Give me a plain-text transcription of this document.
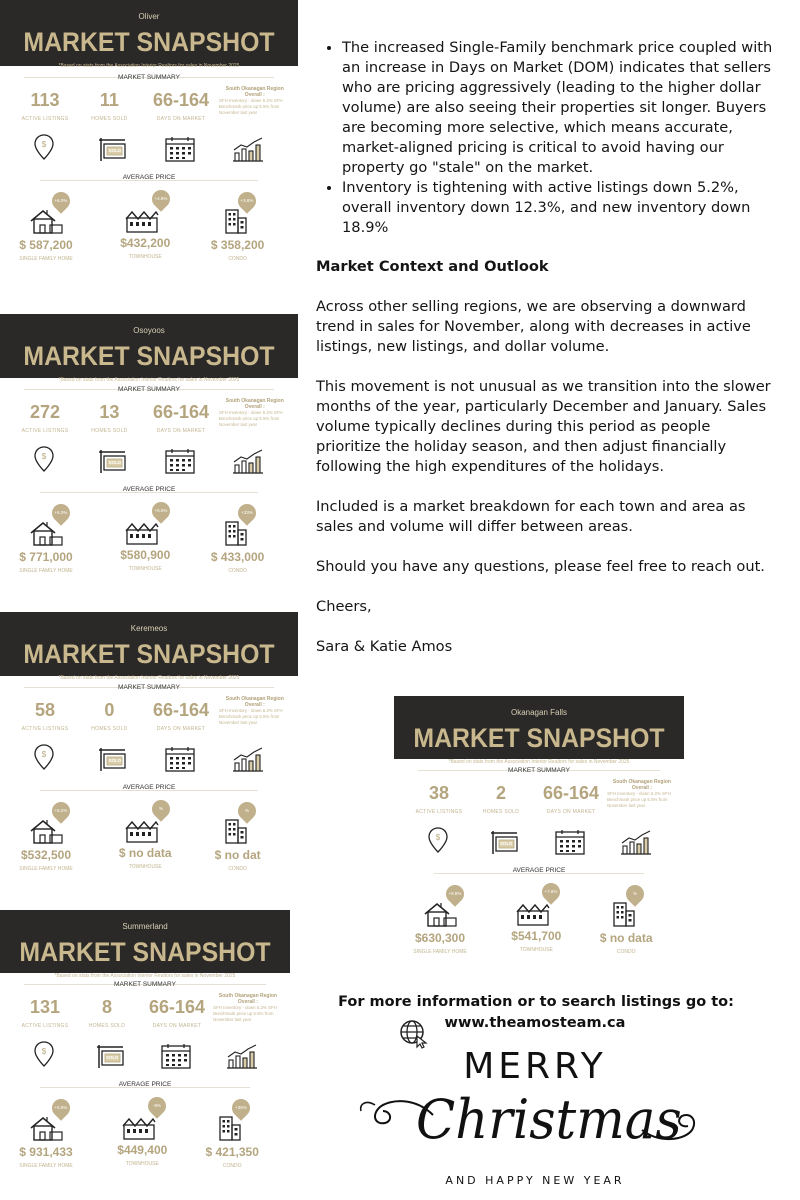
Oliver
MARKET SNAPSHOT
*Based on stats from the Association Interior Realtors for sales in November 2025
MARKET SUMMARY
113
ACTIVE LISTINGS
11
HOMES SOLD
66-164
DAYS ON MARKET
South Okanagan Region Overall :
SFH Inventory - down 6.2% SFH Benchmark price up 5.5% from November last year
SOLD
AVERAGE PRICE
+6.0%	+4.8%	+3.6%
$ 587,200
SINGLE FAMILY HOME
$432,200
TOWNHOUSE
$ 358,200
CONDO
Osoyoos
MARKET SNAPSHOT
*Based on stats from the Association Interior Realtors for sales in November 2025
MARKET SUMMARY
272
ACTIVE LISTINGS
13
HOMES SOLD
66-164
DAYS ON MARKET
South Okanagan Region Overall :
SFH Inventory - down 6.2% SFH Benchmark price up 5.5% from November last year
SOLD
AVERAGE PRICE
+5.3%	+5.5%	+33%
$ 771,000
SINGLE FAMILY HOME
$580,900
TOWNHOUSE
$ 433,000
CONDO
Keremeos
MARKET SNAPSHOT
*Based on stats from the Association Interior Realtors for sales in November 2025
MARKET SUMMARY
58
ACTIVE LISTINGS
0
HOMES SOLD
66-164
DAYS ON MARKET
South Okanagan Region Overall :
SFH Inventory - down 6.2% SFH Benchmark price up 5.5% from November last year
SOLD
AVERAGE PRICE
+6.2%	%	%
$532,500
SINGLE FAMILY HOME
$ no data
TOWNHOUSE
$ no dat
CONDO
Okanagan Falls
MARKET SNAPSHOT
*Based on stats from the Association Interior Realtors for sales in November 2025
MARKET SUMMARY
38
ACTIVE LISTINGS
2
HOMES SOLD
66-164
DAYS ON MARKET
South Okanagan Region Overall :
SFH Inventory - down 6.2% SFH Benchmark price up 5.5% from November last year
SOLD
AVERAGE PRICE
+8.8%	+7.6%	%
$630,300
SINGLE FAMILY HOME
$541,700
TOWNHOUSE
$ no data
CONDO
Summerland
MARKET SNAPSHOT
*Based on stats from the Association Interior Realtors for sales in November 2025
MARKET SUMMARY
131
ACTIVE LISTINGS
8
HOMES SOLD
66-164
DAYS ON MARKET
South Okanagan Region Overall :
SFH Inventory - down 6.2% SFH Benchmark price up 5.5% from November last year
SOLD
AVERAGE PRICE
+5.8%	-9%	+36%
$ 931,433
SINGLE FAMILY HOME
$449,400
TOWNHOUSE
$ 421,350
CONDO
• The increased Single-Family benchmark price coupled with an increase in Days on Market (DOM) indicates that sellers who are pricing aggressively (leading to the higher dollar volume) are also seeing their properties sit longer. Buyers are becoming more selective, which means accurate, market-aligned pricing is critical to avoid having our property go "stale" on the market.
• Inventory is tightening with active listings down 5.2%, overall inventory down 12.3%, and new inventory down 18.9%

Market Context and Outlook

Across other selling regions, we are observing a downward trend in sales for November, along with decreases in active listings, new listings, and dollar volume.

This movement is not unusual as we transition into the slower months of the year, particularly December and January. Sales volume typically declines during this period as people prioritize the holiday season, and then adjust financially following the high expenditures of the holidays.

Included is a market breakdown for each town and area as sales and volume will differ between areas.

Should you have any questions, please feel free to reach out.

Cheers,

Sara & Katie Amos

For more information or to search listings go to:
www.theamosteam.ca
MERRY
Christmas
AND HAPPY NEW YEAR
